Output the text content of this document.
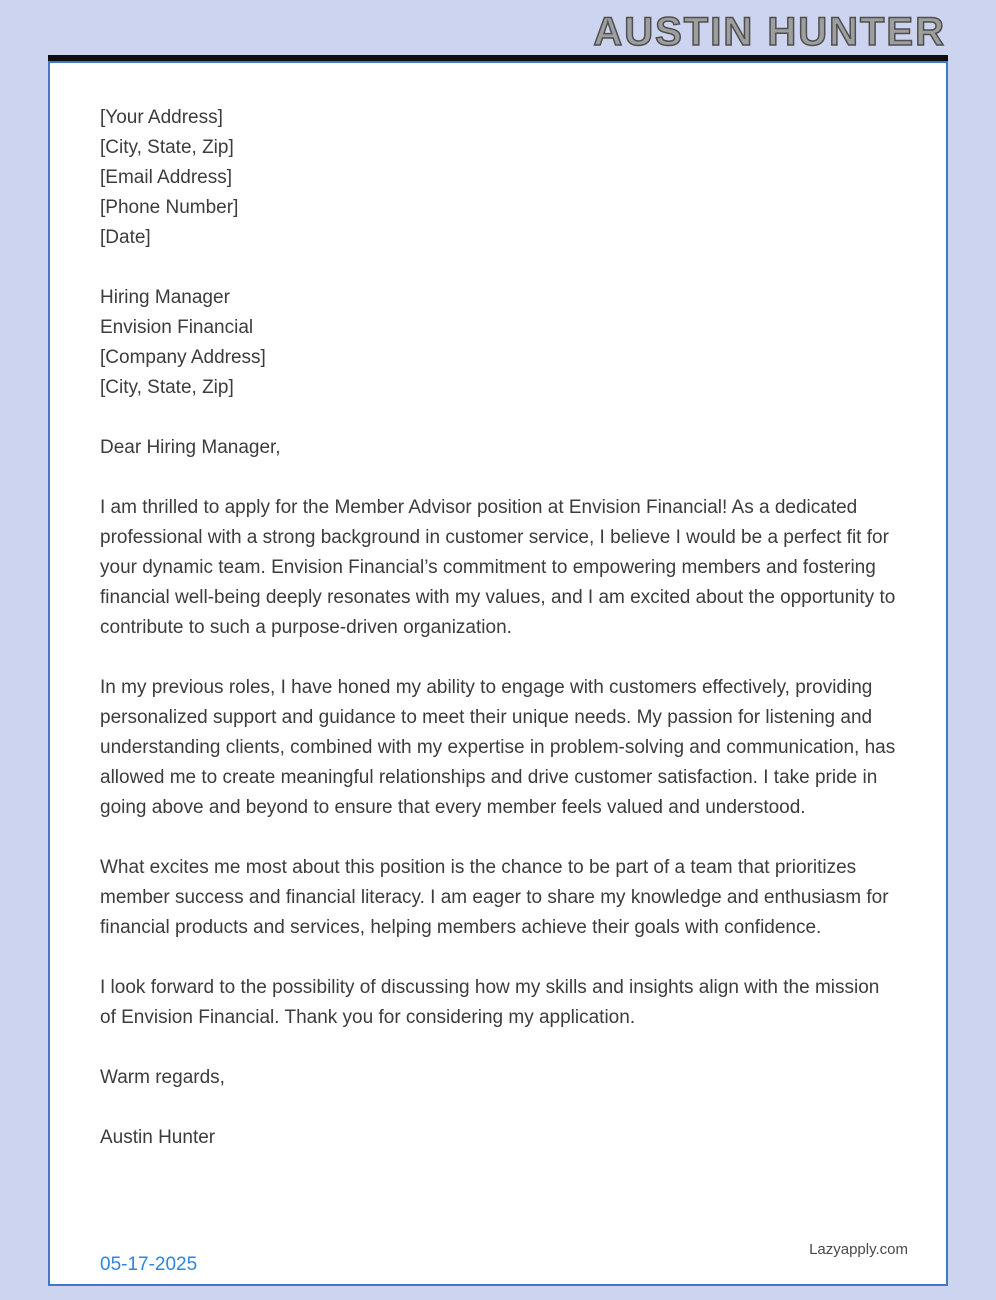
AUSTIN HUNTER
[Your Address]
[City, State, Zip]
[Email Address]
[Phone Number]
[Date]
Hiring Manager
Envision Financial
[Company Address]
[City, State, Zip]
Dear Hiring Manager,

I am thrilled to apply for the Member Advisor position at Envision Financial! As a dedicated professional with a strong background in customer service, I believe I would be a perfect fit for your dynamic team. Envision Financial’s commitment to empowering members and fostering financial well-being deeply resonates with my values, and I am excited about the opportunity to contribute to such a purpose-driven organization.

In my previous roles, I have honed my ability to engage with customers effectively, providing personalized support and guidance to meet their unique needs. My passion for listening and understanding clients, combined with my expertise in problem-solving and communication, has allowed me to create meaningful relationships and drive customer satisfaction. I take pride in going above and beyond to ensure that every member feels valued and understood.

What excites me most about this position is the chance to be part of a team that prioritizes member success and financial literacy. I am eager to share my knowledge and enthusiasm for financial products and services, helping members achieve their goals with confidence.

I look forward to the possibility of discussing how my skills and insights align with the mission of Envision Financial. Thank you for considering my application.

Warm regards,
Austin Hunter
Lazyapply.com
05-17-2025
